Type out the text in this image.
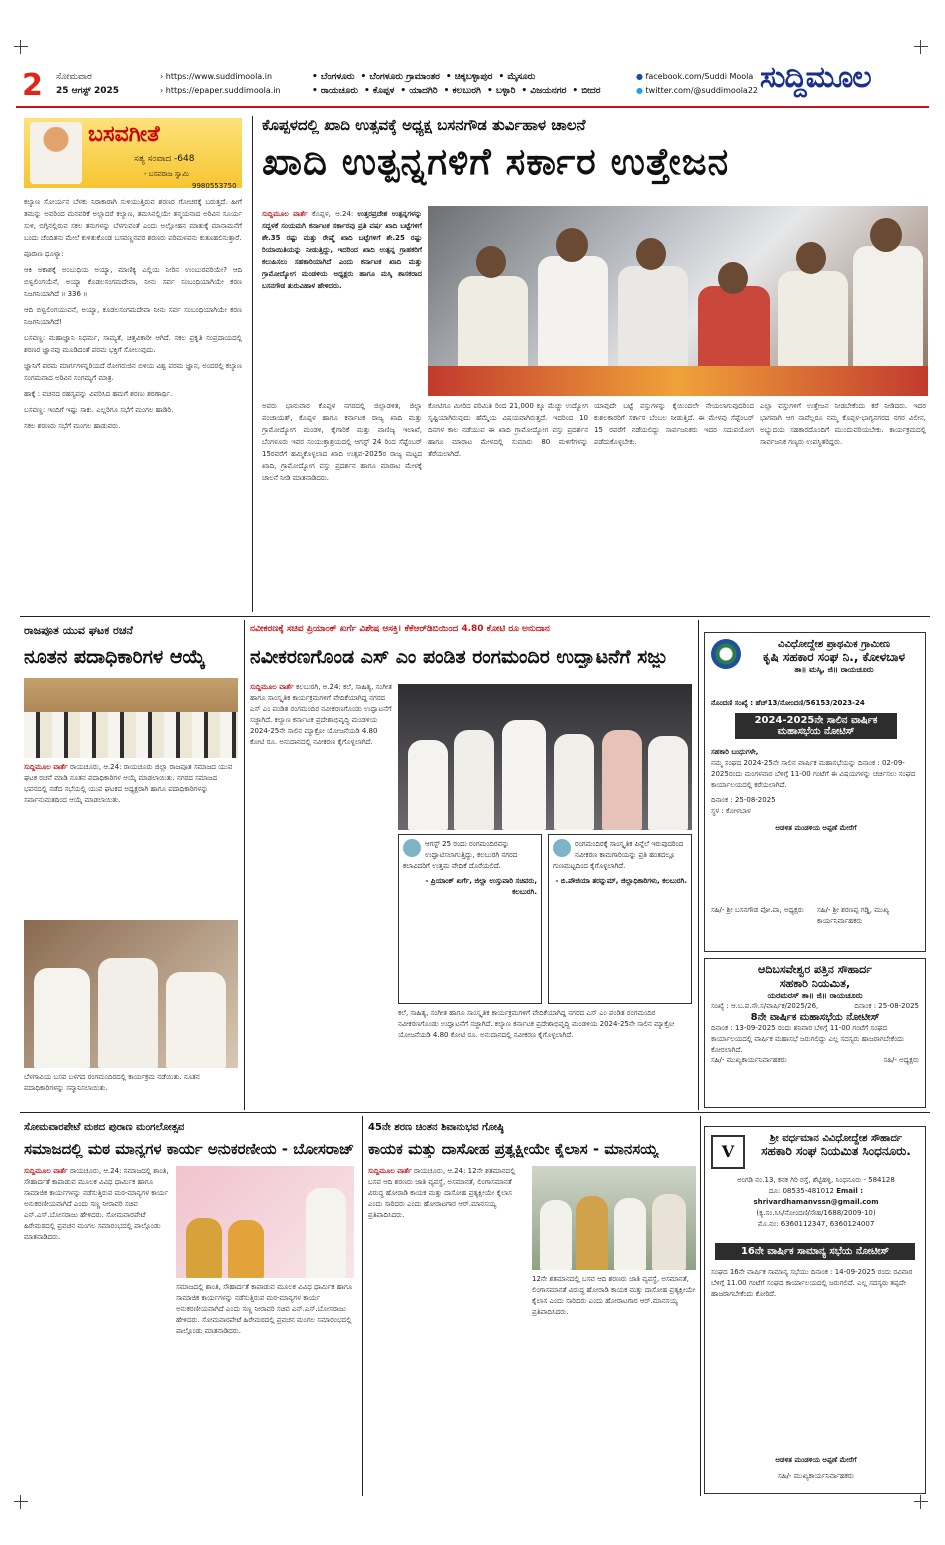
2 ಸೋಮವಾರ
25 ಆಗಸ್ಟ್ 2025
› https://www.suddimoola.in
› https://epaper.suddimoola.in
• ಬೆಂಗಳೂರು • ಬೆಂಗಳೂರು ಗ್ರಾಮಾಂತರ • ಚಿಕ್ಕಬಳ್ಳಾಪುರ • ಮೈಸೂರು
• ರಾಯಚೂರು • ಕೊಪ್ಪಳ • ಯಾದಗಿರಿ • ಕಲಬುರಗಿ • ಬಳ್ಳಾರಿ • ವಿಜಯನಗರ • ಬೀದರ
● facebook.com/Suddi Moola
● twitter.com/@suddimoola22 ಸುದ್ದಿಮೂಲ
ಬಸವಗೀತೆ
ಸತ್ಯ ಸಂವಾದ -648
- ಬಸವರಾಜ ಸ್ವಾಮಿ
9980553750

ಕಲ್ಯಾಣ ಸೋರ್ಯನ ಬೆಳಕು ನಿರಾಕಾರಾಗಿ ಸುಳಿಯುತ್ತಿರುವ ಶರಣರ ಗೋಚರಕ್ಕೆ ಬರುತ್ತದೆ. ಹೀಗೆ ತಮನ್ನು ಅವರಿಂದ ಮನವರಿಕೆ ಅಲ್ಲಾದರೆ ಕಲ್ಯಾಣ, ತಮಸಿನಲ್ಲಿಯೇ ತನ್ಮಯನಾದ ಅರಿವಿನ ಸೂರ್ಯ ಸುಳಿ, ಬಿಗ್ಗಿನಲ್ಲಿರುವ ಸಕಲ ತನುಗಳನ್ನು ಬೆಳಗುವಂತೆ ಎಂದು ಅಲ್ಲೋಹನ ಮಾತುಕ್ಕೆ ಮಾನಾಮನೆಗೆ ಬಂದು ಚೆಂದಿತನು ಮೇಲೆ ಕುಳಿತುಕೊಂಡ ಬಸವಣ್ಣನವರ ಶರಣರು ಪರಿಮಳವನು ಕುತೂಹಲಿಸುತ್ತಾರೆ.

ಪೂರಾಣ ಧೂಳ್ಯಾ:

ಆಕಿ ಅಕಾಶಕ್ಕೆ ಅಂಬುಧಿಯ ಅಯ್ಯಾ, ಮಾಣಿಕ್ಯ ಎಲ್ಲಿಯ ನೀರಿನ ಉಂಬುರವರಿಯೇ? ಆದಿ ಬಿಳ್ವಲಿಂಗಯೆನೆ, ಅಯ್ಯಾ ಕೊಡಲಸಂಗಮದೇವಾ, ನೀನು ಸರ್ವ ಸಂಬಂಧಿಯಾಗಿಯೇ ಕರಣ ನಿಜಗನಿಯಾಗಿದೆ ॥ 336 ॥

ಆದಿ ಬಿಳ್ವಲಿಂಗಯುವನೆ, ಅಯ್ಯಾ, ಕೂಡಲಸಂಗಮದೇವಾ ನೀನು ಸರ್ವ ಸಂಬಂಧಿಯಾಗಿಯೇ ಕರಣ ನಿಜಗನಿಯಾಗಿದೆ!

ಬಸವಣ್ಣ: ಮಹಾಜ್ಞಾನಿ ನಿಧರ್ಮ, ಸಾಮ್ಯತೆ, ಚಿತ್ತವಿಕಾರೀ ಆಗಿದೆ. ಸಕಲ ಪ್ರಕೃತಿ ಸಂಪ್ರದಾಯದಲ್ಲಿ ಶರಣರ ಜ್ಞಾನವು ಮೂಡಿದಂತೆ ಪರಮ ಭಕ್ತಿಗೆ ಸೋಲುವುದು.

ಜ್ಞಾನಿಗೆ ಪರಮ ಮಾರ್ಗಗಳನ್ನರಿಯದೆ ರೋಗರುಜಿನ ಬಿಳಿಯ ವಿಶ್ವ ಪರಮ ಜ್ಞಾನ, ಅಂದರಲ್ಲಿ ಕಲ್ಯಾಣ ಸಂಗಮವಾದ ಅರಿವಿನ ಸಂಗಮ್ಯಗೆ ಮಾತ್ರ.

ಹಾಕ್ಕೆ : ವಚನದ ರಹಸ್ಯವನ್ನು ವಿವರಿಸಿದ ಹಮಗೆ ಶರಣು ಶರಣಾರ್ಥಿ.

ಬಸವಣ್ಣ: ಇಂದಿಗೆ ಇಷ್ಟು ಸಾಕು. ಎಲ್ಲರಿಗೂ ಸಭೆಗೆ ಮಂಗಲ ಹಾಡಿರಿ.

ಸಕಲ ಶರಣರು ಸಭೆಗೆ ಮಂಗಲ ಹಾಡುವರು.

ಕೊಪ್ಪಳದಲ್ಲಿ ಖಾದಿ ಉತ್ಸವಕ್ಕೆ ಅಧ್ಯಕ್ಷ ಬಸನಗೌಡ ತುರ್ವಿಹಾಳ ಚಾಲನೆ
ಖಾದಿ ಉತ್ಪನ್ನಗಳಿಗೆ ಸರ್ಕಾರ ಉತ್ತೇಜನ
ಸುದ್ದಿಮೂಲ ವಾರ್ತೆ ಕೊಪ್ಪಳ, ಆ.24: ಉತ್ತರಪ್ರದೇಶ ಉತ್ಪನ್ನಗಳನ್ನು ಸದ್ಬಳಕೆ ಸಂಯಮಗಿ ಕರ್ನಾಟಕ ಸರ್ಕಾರವು ಪ್ರತಿ ವರ್ಷ ಖಾದಿ ಬಟ್ಟೆಗಳಿಗೆ ಶೇ.35 ರಷ್ಟು ಮತ್ತು ರೇಷ್ಮೆ ಖಾದಿ ಬಟ್ಟೆಗಳಿಗೆ ಶೇ.25 ರಷ್ಟು ರಿಯಾಯಿತಿಯನ್ನು ನೀಡುತ್ತಿದ್ದು, ಇದರಿಂದ ಖಾದಿ ಉತ್ಪನ್ನ ಗ್ರಾಹಕರಿಗೆ ಕಲುಹಿಸಲು ಸಹಕಾರಿಯಾಗಿದೆ ಎಂದು ಕರ್ನಾಟಕ ಖಾದಿ ಮತ್ತು ಗ್ರಾಮೋದ್ಯೋಗ ಮಂಡಳಿಯ ಅಧ್ಯಕ್ಷರು ಹಾಗೂ ಮಸ್ಕಿ ಶಾಸಕರಾದ ಬಸನಗೌಡ ತುರುವಿಹಾಳ ಹೇಳಿದರು.
ಅವರು ಭಾನುವಾರ ಕೊಪ್ಪಳ ನಗರದಲ್ಲಿ ಜಿಲ್ಲಾಡಳಿತ, ಜಿಲ್ಲಾ ಪಂಚಾಯತ್, ಕೊಪ್ಪಳ ಹಾಗೂ ಕರ್ನಾಟಕ ರಾಜ್ಯ ಖಾದಿ ಮತ್ತು ಗ್ರಾಮೋದ್ಯೋಗ ಮಂಡಳಿ, ಕೈಗಾರಿಕೆ ಮತ್ತು ವಾಣಿಜ್ಯ ಇಲಾಖೆ, ಬೆಂಗಳೂರು ಇವರ ಸಂಯುಕ್ತಾಶ್ರಯದಲ್ಲಿ ಆಗಸ್ಟ್ 24 ರಿಂದ ಸೆಪ್ಟೆಂಬರ್ 15ರವರೆಗೆ ಹಮ್ಮಿಕೊಳ್ಳಲಾದ ಖಾದಿ ಉತ್ಸವ-2025ರ ರಾಜ್ಯ ಮಟ್ಟದ ಖಾದಿ, ಗ್ರಾಮೋದ್ಯೋಗ ವಸ್ತು ಪ್ರದರ್ಶನ ಹಾಗೂ ಮಾರಾಟ ಮೇಳಕ್ಕೆ ಚಾಲನೆ ನೀಡಿ ಮಾತನಾಡಿದರು.
ಕೋಟಿಗೂ ಮೀರಿದ ಪರಿಮಿತಿ ರಿಂದ 21,000 ಕ್ಕೂ ಮೆಚ್ಚು ಉದ್ಯೋಗ ಸೃಷ್ಟಿಯಾಗಿರುವುದು ಹೆಮ್ಮೆಯ ವಿಷಯವಾಗಿರುತ್ತದೆ. ಇದರಿಂದ 10 ದಿನಗಳ ಕಾಲ ನಡೆಯುವ ಈ ಖಾದಿ ಗ್ರಾಮೋದ್ಯೋಗ ವಸ್ತು ಪ್ರದರ್ಶನ ಹಾಗೂ ಮಾರಾಟ ಮೇಳದಲ್ಲಿ ಸುಮಾರು 80 ಮಳಿಗೆಗಳನ್ನು ತೆರೆಯಲಾಗಿದೆ.
ಯಾವುದೇ ಬಟ್ಟೆ ವಸ್ತುಗಳನ್ನು ಕೈಯಿಂದಲೇ ನೇಯಲಾಗುವುದರಿಂದ ಕುಶಲಕಾರರಿಗೆ ಸರ್ಕಾರ ಬೆಂಬಲ ನೀಡುತ್ತಿದೆ. ಈ ಮೇಳವು ಸೆಪ್ಟೆಂಬರ್ 15 ರವರೆಗೆ ನಡೆಯಲಿದ್ದು ಸಾರ್ವಜನಿಕರು ಇದರ ಸದುಪಯೋಗ ಪಡೆದುಕೊಳ್ಳಬೇಕು.
ಎಲ್ಲಾ ವಸ್ತುಗಳಿಗೆ ಉತ್ತೇಜನ ನೀಡಬೇಕೆಂದು ಕರೆ ನೀಡಿದರು. ಇದರ ಭಾಗವಾಗಿ ಆಗ ನಾವೆಲ್ಲರೂ ನಮ್ಮ ಕೊಪ್ಪಳ-ಭಾಗ್ಯನಗರದ ನಗರ ವಿಲೀನ, ಅಭ್ಯುದಯ ಸಹಕಾರದೊಂದಿಗೆ ಮುಂದುವರಿಯಬೇಕು. ಕಾರ್ಯಕ್ರಮದಲ್ಲಿ ಸಾರ್ವಜನಿಕ ಗಣ್ಯರು ಉಪಸ್ಥಿತರಿದ್ದರು.
ರಾಜಪೂತ ಯುವ ಘಟಕ ರಚನೆ
ನೂತನ ಪದಾಧಿಕಾರಿಗಳ ಆಯ್ಕೆ
ಸುದ್ದಿಮೂಲ ವಾರ್ತೆ ರಾಯಚೂರು, ಆ.24: ರಾಯಚೂರು ಜಿಲ್ಲಾ ರಾಜಪೂತ ಸಮಾಜದ ಯುವ ಘಟಕ ರಚನೆ ಮಾಡಿ ನೂತನ ಪದಾಧಿಕಾರಿಗಳ ಆಯ್ಕೆ ಮಾಡಲಾಯಿತು. ನಗರದ ಸಮಾಜದ ಭವನದಲ್ಲಿ ನಡೆದ ಸಭೆಯಲ್ಲಿ ಯುವ ಘಟಕದ ಅಧ್ಯಕ್ಷರಾಗಿ ಹಾಗೂ ಪದಾಧಿಕಾರಿಗಳನ್ನು ಸರ್ವಾನುಮತದಿಂದ ಆಯ್ಕೆ ಮಾಡಲಾಯಿತು.
ಬೆಳಗಾವಿಯ ಬಸವ ಬಳಗದ ರಂಗಮಂದಿರದಲ್ಲಿ ಕಾರ್ಯಕ್ರಮ ನಡೆಯಿತು. ನೂತನ ಪದಾಧಿಕಾರಿಗಳನ್ನು ಸನ್ಮಾನಿಸಲಾಯಿತು.
ನವೀಕರಣಕ್ಕೆ ಸಚಿವ ಪ್ರಿಯಾಂಕ್ ಖರ್ಗೆ ವಿಶೇಷ ಆಸಕ್ತಿ। ಕೆಕೆಆರ್‌ಡಿಬಿಯಿಂದ 4.80 ಕೋಟಿ ರೂ ಅನುದಾನ
ನವೀಕರಣಗೊಂಡ ಎಸ್ ಎಂ ಪಂಡಿತ ರಂಗಮಂದಿರ ಉದ್ಘಾಟನೆಗೆ ಸಜ್ಜು
ಸುದ್ದಿಮೂಲ ವಾರ್ತೆ ಕಲಬುರಗಿ, ಆ.24: ಕಲೆ, ಸಾಹಿತ್ಯ, ಸಂಗೀತ ಹಾಗೂ ಸಾಂಸ್ಕೃತಿಕ ಕಾರ್ಯಕ್ರಮಗಳಿಗೆ ವೇದಿಕೆಯಾಗಿದ್ದ ನಗರದ ಎಸ್ ಎಂ ಪಂಡಿತ ರಂಗಮಂದಿರ ನವೀಕರಣಗೊಂಡು ಉದ್ಘಾಟನೆಗೆ ಸಜ್ಜಾಗಿದೆ. ಕಲ್ಯಾಣ ಕರ್ನಾಟಕ ಪ್ರದೇಶಾಭಿವೃದ್ಧಿ ಮಂಡಳಿಯ 2024-25ನೇ ಸಾಲಿನ ಮ್ಯಾಕ್ರೋ ಯೋಜನೆಯಡಿ 4.80 ಕೋಟಿ ರೂ. ಅನುದಾನದಲ್ಲಿ ನವೀಕರಣ ಕೈಗೊಳ್ಳಲಾಗಿದೆ.
ಆಗಸ್ಟ್ 25 ರಂದು ರಂಗಮಂದಿರವನ್ನು ಉದ್ಘಾಟಿಸಲಾಗುತ್ತಿದ್ದು, ಕಲಬುರಗಿ ನಗರದ ಕಲಾವಿದರಿಗೆ ಉತ್ತಮ ವೇದಿಕೆ ದೊರೆಯಲಿದೆ.
- ಪ್ರಿಯಾಂಕ್ ಖರ್ಗೆ, ಜಿಲ್ಲಾ ಉಸ್ತುವಾರಿ ಸಚಿವರು, ಕಲಬುರಗಿ.
ರಂಗಮಂದಿರಕ್ಕೆ ಸಾಂಸ್ಕೃತಿಕ ಪಿನ್ನೆಲೆ ಇರುವುದರಿಂದ ನವೀಕರಣ ಕಾಮಗಾರಿಯನ್ನು ಪ್ರತಿ ಹಂತದಲ್ಲೂ ಗುಣಮಟ್ಟದಿಂದ ಕೈಗೊಳ್ಳಲಾಗಿದೆ.
- ಬಿ.ಪೌಜಿಯಾ ತರನ್ನುಮ್, ಜಿಲ್ಲಾಧಿಕಾರಿಗಳು, ಕಲಬುರಗಿ.
ಕಲೆ, ಸಾಹಿತ್ಯ, ಸಂಗೀತ ಹಾಗೂ ಸಾಂಸ್ಕೃತಿಕ ಕಾರ್ಯಕ್ರಮಗಳಿಗೆ ವೇದಿಕೆಯಾಗಿದ್ದ ನಗರದ ಎಸ್ ಎಂ ಪಂಡಿತ ರಂಗಮಂದಿರ ನವೀಕರಣಗೊಂಡು ಉದ್ಘಾಟನೆಗೆ ಸಜ್ಜಾಗಿದೆ. ಕಲ್ಯಾಣ ಕರ್ನಾಟಕ ಪ್ರದೇಶಾಭಿವೃದ್ಧಿ ಮಂಡಳಿಯ 2024-25ನೇ ಸಾಲಿನ ಮ್ಯಾಕ್ರೋ ಯೋಜನೆಯಡಿ 4.80 ಕೋಟಿ ರೂ. ಅನುದಾನದಲ್ಲಿ ನವೀಕರಣ ಕೈಗೊಳ್ಳಲಾಗಿದೆ.
ವಿವಿಧೋದ್ದೇಶ ಪ್ರಾಥಮಿಕ ಗ್ರಾಮೀಣ
ಕೃಷಿ ಸಹಕಾರ ಸಂಘ ನಿ., ಕೋಳಬಾಳ
ತಾ॥ ಮಸ್ಕಿ, ಜಿ॥ ರಾಯಚೂರು
ನೊಂದಣಿ ಸಂಖ್ಯೆ : ಹೆಚ್‌13/ನೋಂದಣಿ/56153/2023-24
2024-2025ನೇ ಸಾಲಿನ ವಾರ್ಷಿಕ ಮಹಾಸಭೆಯ ನೋಟಿಸ್
ಸಹಕಾರಿ ಬಂಧುಗಳೇ,
ನಮ್ಮ ಸಂಘದ 2024-25ನೇ ಸಾಲಿನ ವಾರ್ಷಿಕ ಮಹಾಸಭೆಯನ್ನು ದಿನಾಂಕ : 02-09-2025ರಂದು ಮಂಗಳವಾರ ಬೆಳಿಗ್ಗೆ 11-00 ಗಂಟೆಗೆ ಈ ವಿಷಯಗಳನ್ನು ಚರ್ಚಿಸಲು ಸಂಘದ ಕಾರ್ಯಾಲಯದಲ್ಲಿ ಕರೆಯಲಾಗಿದೆ.
ದಿನಾಂಕ : 25-08-2025
ಸ್ಥಳ : ಕೋಳಬಾಳ
ಆಡಳಿತ ಮಂಡಳಿಯ ಅಪ್ಪಣೆ ಮೇರೆಗೆ
ಸಹಿ/- ಶ್ರೀ ಬಸನಗೌಡ ಪೋ.ಪಾ, ಅಧ್ಯಕ್ಷರು	ಸಹಿ/- ಶ್ರೀ ಶರಣಪ್ಪ ಗಡ್ಡಿ, ಮುಖ್ಯ ಕಾರ್ಯನಿರ್ವಾಹಕರು
ಆದಿಬಸವೇಶ್ವರ ಪತ್ತಿನ ಸೌಹಾರ್ದ
ಸಹಕಾರಿ ನಿಯಮಿತ,
ಯರಮರಸ್ ತಾ॥ ಜಿ॥ ರಾಯಚೂರು
ಸಂಖ್ಯೆ : ಆ.ಬ.ಪ.ಸೌ.ಸ/ವಾರ್ಷಿಕ/2025/26,	ದಿನಾಂಕ : 25-08-2025
8ನೇ ವಾರ್ಷಿಕ ಮಹಾಸಭೆಯ ನೋಟೀಸ್
ದಿನಾಂಕ : 13-09-2025 ರಂದು ಶನಿವಾರ ಬೆಳಿಗ್ಗೆ 11-00 ಗಂಟೆಗೆ ಸಂಘದ ಕಾರ್ಯಾಲಯದಲ್ಲಿ ವಾರ್ಷಿಕ ಮಹಾಸಭೆ ಜರುಗಲಿದ್ದು ಎಲ್ಲ ಸದಸ್ಯರು ಹಾಜರಾಗಬೇಕೆಂದು ಕೋರಲಾಗಿದೆ.
ಸಹಿ/- ಮುಖ್ಯಕಾರ್ಯನಿರ್ವಾಹಕರು	ಸಹಿ/- ಅಧ್ಯಕ್ಷರು
ಸೋಮವಾರಪೇಟೆ ಮಠದ ಪುರಾಣ ಮಂಗಲೋತ್ಸವ
ಸಮಾಜದಲ್ಲಿ ಮಠ ಮಾನ್ಯಗಳ ಕಾರ್ಯ ಅನುಕರಣೀಯ - ಬೋಸರಾಜ್
ಸುದ್ದಿಮೂಲ ವಾರ್ತೆ ರಾಯಚೂರು, ಆ.24: ಸಮಾಜದಲ್ಲಿ ಶಾಂತಿ, ಸೌಹಾರ್ದತೆ ಕಾಪಾಡುವ ಮೂಲಕ ವಿವಿಧ ಧಾರ್ಮಿಕ ಹಾಗೂ ಸಾಮಾಜಿಕ ಕಾರ್ಯಗಳನ್ನು ನಡೆಸುತ್ತಿರುವ ಮಠ-ಮಾನ್ಯಗಳ ಕಾರ್ಯ ಅನುಕರಣೀಯವಾಗಿದೆ ಎಂದು ಸಣ್ಣ ನೀರಾವರಿ ಸಚಿವ ಎನ್.ಎಸ್.ಬೋಸರಾಜು ಹೇಳಿದರು. ಸೋಮವಾರಪೇಟೆ ಹಿರೇಮಠದಲ್ಲಿ ಪ್ರವಚನ ಮಂಗಲ ಸಮಾರಂಭದಲ್ಲಿ ಪಾಲ್ಗೊಂಡು ಮಾತನಾಡಿದರು.
ಸಮಾಜದಲ್ಲಿ ಶಾಂತಿ, ಸೌಹಾರ್ದತೆ ಕಾಪಾಡುವ ಮೂಲಕ ವಿವಿಧ ಧಾರ್ಮಿಕ ಹಾಗೂ ಸಾಮಾಜಿಕ ಕಾರ್ಯಗಳನ್ನು ನಡೆಸುತ್ತಿರುವ ಮಠ-ಮಾನ್ಯಗಳ ಕಾರ್ಯ ಅನುಕರಣೀಯವಾಗಿದೆ ಎಂದು ಸಣ್ಣ ನೀರಾವರಿ ಸಚಿವ ಎನ್.ಎಸ್.ಬೋಸರಾಜು ಹೇಳಿದರು. ಸೋಮವಾರಪೇಟೆ ಹಿರೇಮಠದಲ್ಲಿ ಪ್ರವಚನ ಮಂಗಲ ಸಮಾರಂಭದಲ್ಲಿ ಪಾಲ್ಗೊಂಡು ಮಾತನಾಡಿದರು.
45ನೇ ಶರಣ ಚಿಂತನ ಶಿವಾನುಭವ ಗೋಷ್ಠಿ
ಕಾಯಕ ಮತ್ತು ದಾಸೋಹ ಪ್ರತ್ಯಕ್ಷೀಯೇ ಕೈಲಾಸ - ಮಾನಸಯ್ಯ
ಸುದ್ದಿಮೂಲ ವಾರ್ತೆ ರಾಯಚೂರು, ಆ.24: 12ನೇ ಶತಮಾನದಲ್ಲಿ ಬಸವ ಆದಿ ಶರಣರು ಜಾತಿ ವ್ಯವಸ್ಥೆ, ಅಸಮಾನತೆ, ಲಿಂಗಾಸಮಾನತೆ ವಿರುದ್ಧ ಹೋರಾಡಿ ಕಾಯಕ ಮತ್ತು ದಾಸೋಹ ಪ್ರತ್ಯಕ್ಷೀಯೇ ಕೈಲಾಸ ಎಂದು ಸಾರಿದರು ಎಂದು ಹೋರಾಟಗಾರ ಆರ್.ಮಾನಸಯ್ಯ ಪ್ರತಿಪಾದಿಸಿದರು.
12ನೇ ಶತಮಾನದಲ್ಲಿ ಬಸವ ಆದಿ ಶರಣರು ಜಾತಿ ವ್ಯವಸ್ಥೆ, ಅಸಮಾನತೆ, ಲಿಂಗಾಸಮಾನತೆ ವಿರುದ್ಧ ಹೋರಾಡಿ ಕಾಯಕ ಮತ್ತು ದಾಸೋಹ ಪ್ರತ್ಯಕ್ಷೀಯೇ ಕೈಲಾಸ ಎಂದು ಸಾರಿದರು ಎಂದು ಹೋರಾಟಗಾರ ಆರ್.ಮಾನಸಯ್ಯ ಪ್ರತಿಪಾದಿಸಿದರು.
V
ಶ್ರೀ ವರ್ಧಮಾನ ವಿವಿಧೋದ್ದೇಶ ಸೌಹಾರ್ದ
ಸಹಕಾರಿ ಸಂಘ ನಿಯಮಿತ ಸಿಂಧನೂರು.
ಅಂಗಡಿ ನಂ.13, ಕನಕ ಗಿರಿ ರಸ್ತೆ, ಶೆಟ್ಟಿಹಳ್ಳಿ, ಸಿಂಧನೂರು - 584128
ದೂ: 08535-481012 Email : shrivardhamanvssn@gmail.com
(ಕ್ಯ.ಸಂ.ಸಿಸಿ/ನೋಂದಣಿ/ಸೌಹ/1688/2009-10)
ಮೊ.ನಂ: 6360112347, 6360124007
16ನೇ ವಾರ್ಷಿಕ ಸಾಮಾನ್ಯ ಸಭೆಯ ನೋಟೀಸ್
ಸಂಘದ 16ನೇ ವಾರ್ಷಿಕ ಸಾಮಾನ್ಯ ಸಭೆಯು ದಿನಾಂಕ : 14-09-2025 ರಂದು ರವಿವಾರ ಬೆಳಿಗ್ಗೆ 11.00 ಗಂಟೆಗೆ ಸಂಘದ ಕಾರ್ಯಾಲಯದಲ್ಲಿ ಜರುಗಲಿದೆ. ಎಲ್ಲ ಸದಸ್ಯರು ತಪ್ಪದೇ ಹಾಜರಾಗಬೇಕೆಂದು ಕೋರಿದೆ.
ಆಡಳಿತ ಮಂಡಳಿಯ ಅಪ್ಪಣೆ ಮೇರೆಗೆ
ಸಹಿ/- ಮುಖ್ಯಕಾರ್ಯನಿರ್ವಾಹಕರು
